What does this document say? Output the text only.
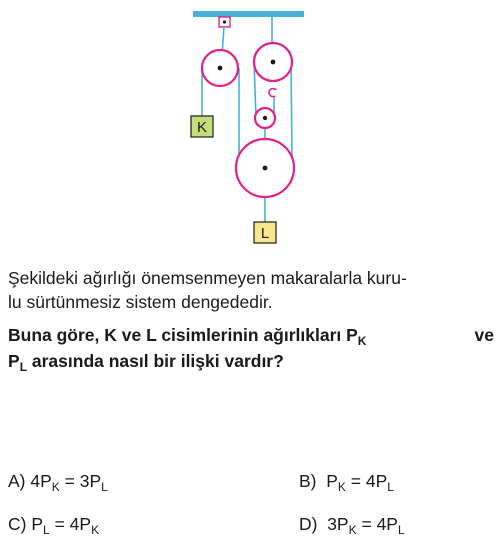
K
L
Şekildeki ağırlığı önemsenmeyen makaralarla kuru-
lu sürtünmesiz sistem dengededir.
Buna göre, K ve L cisimlerinin ağırlıkları $P_K$	ve
$P_L$ arasında nasıl bir ilişki vardır?
A) $4P_K = 3P_L$	B)  $P_K = 4P_L$
C) $P_L = 4P_K$	D)  $3P_K = 4P_L$
